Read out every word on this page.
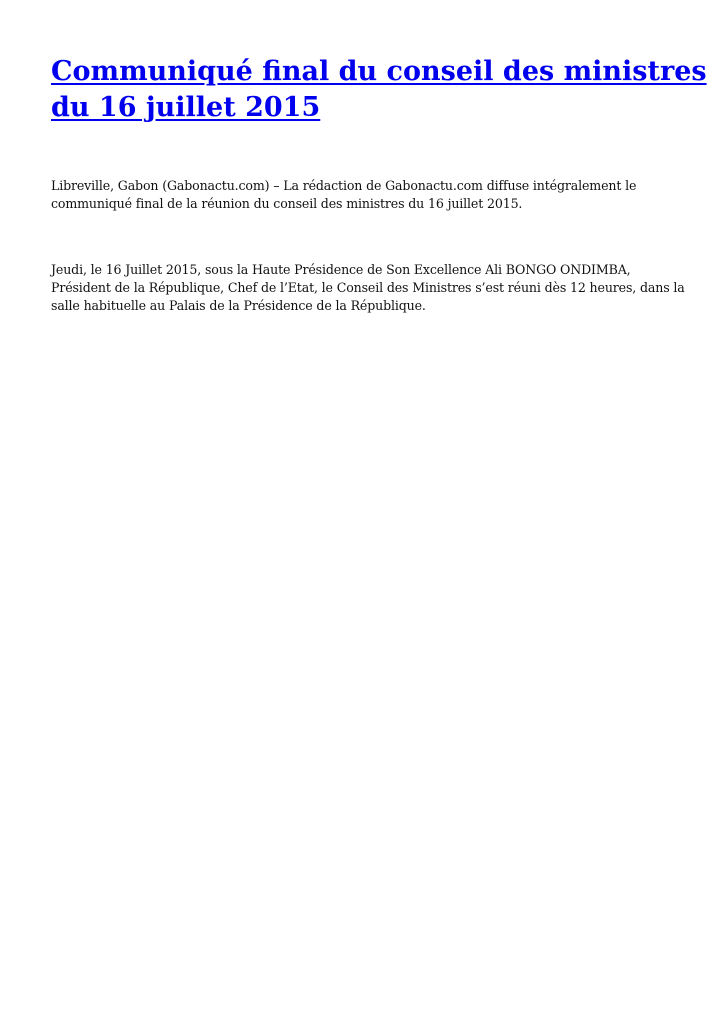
Communiqué final du conseil des ministres
du 16 juillet 2015

Libreville, Gabon (Gabonactu.com) – La rédaction de Gabonactu.com diffuse intégralement le
communiqué final de la réunion du conseil des ministres du 16 juillet 2015.

Jeudi, le 16 Juillet 2015, sous la Haute Présidence de Son Excellence Ali BONGO ONDIMBA,
Président de la République, Chef de l’Etat, le Conseil des Ministres s’est réuni dès 12 heures, dans la
salle habituelle au Palais de la Présidence de la République.
